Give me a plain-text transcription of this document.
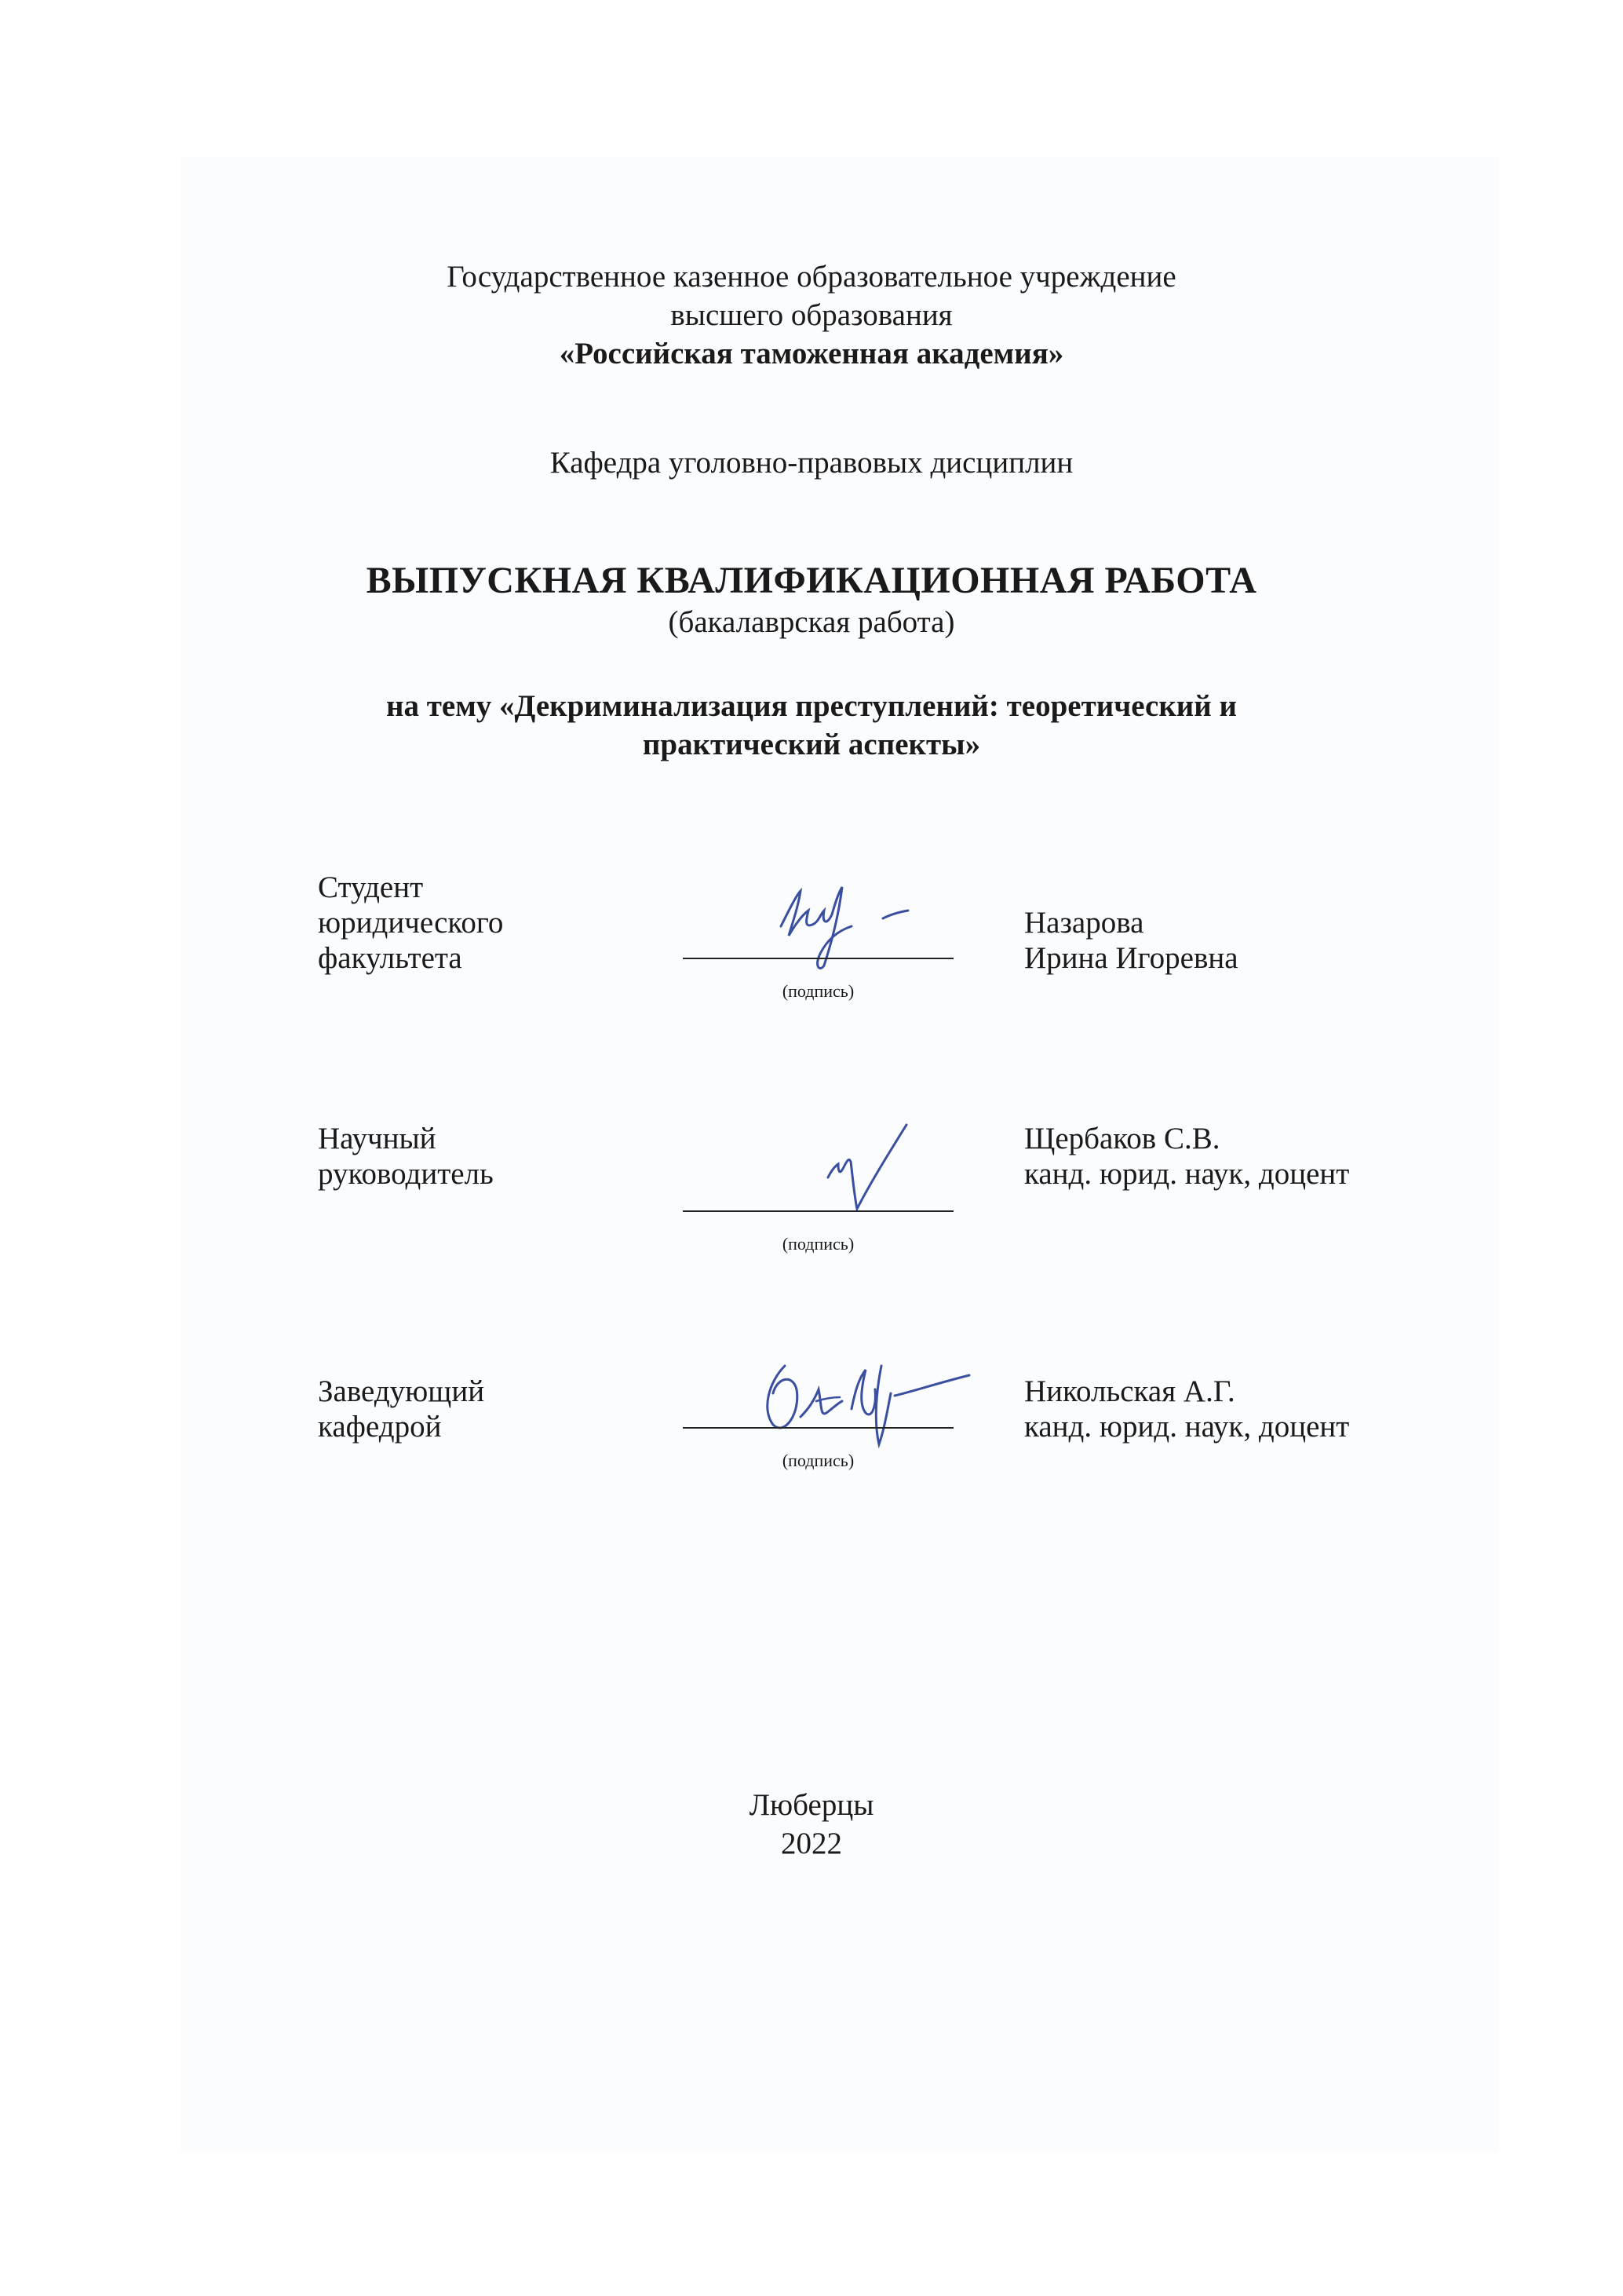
Государственное казенное образовательное учреждение
высшего образования
«Российская таможенная академия»
Кафедра уголовно-правовых дисциплин
ВЫПУСКНАЯ КВАЛИФИКАЦИОННАЯ РАБОТА
(бакалаврская работа)
на тему «Декриминализация преступлений: теоретический и
практический аспекты»
Студент
юридического
факультета
(подпись)
Назарова
Ирина Игоревна
Научный
руководитель
(подпись)
Щербаков С.В.
канд. юрид. наук, доцент
Заведующий
кафедрой
(подпись)
Никольская А.Г.
канд. юрид. наук, доцент
Люберцы
2022
